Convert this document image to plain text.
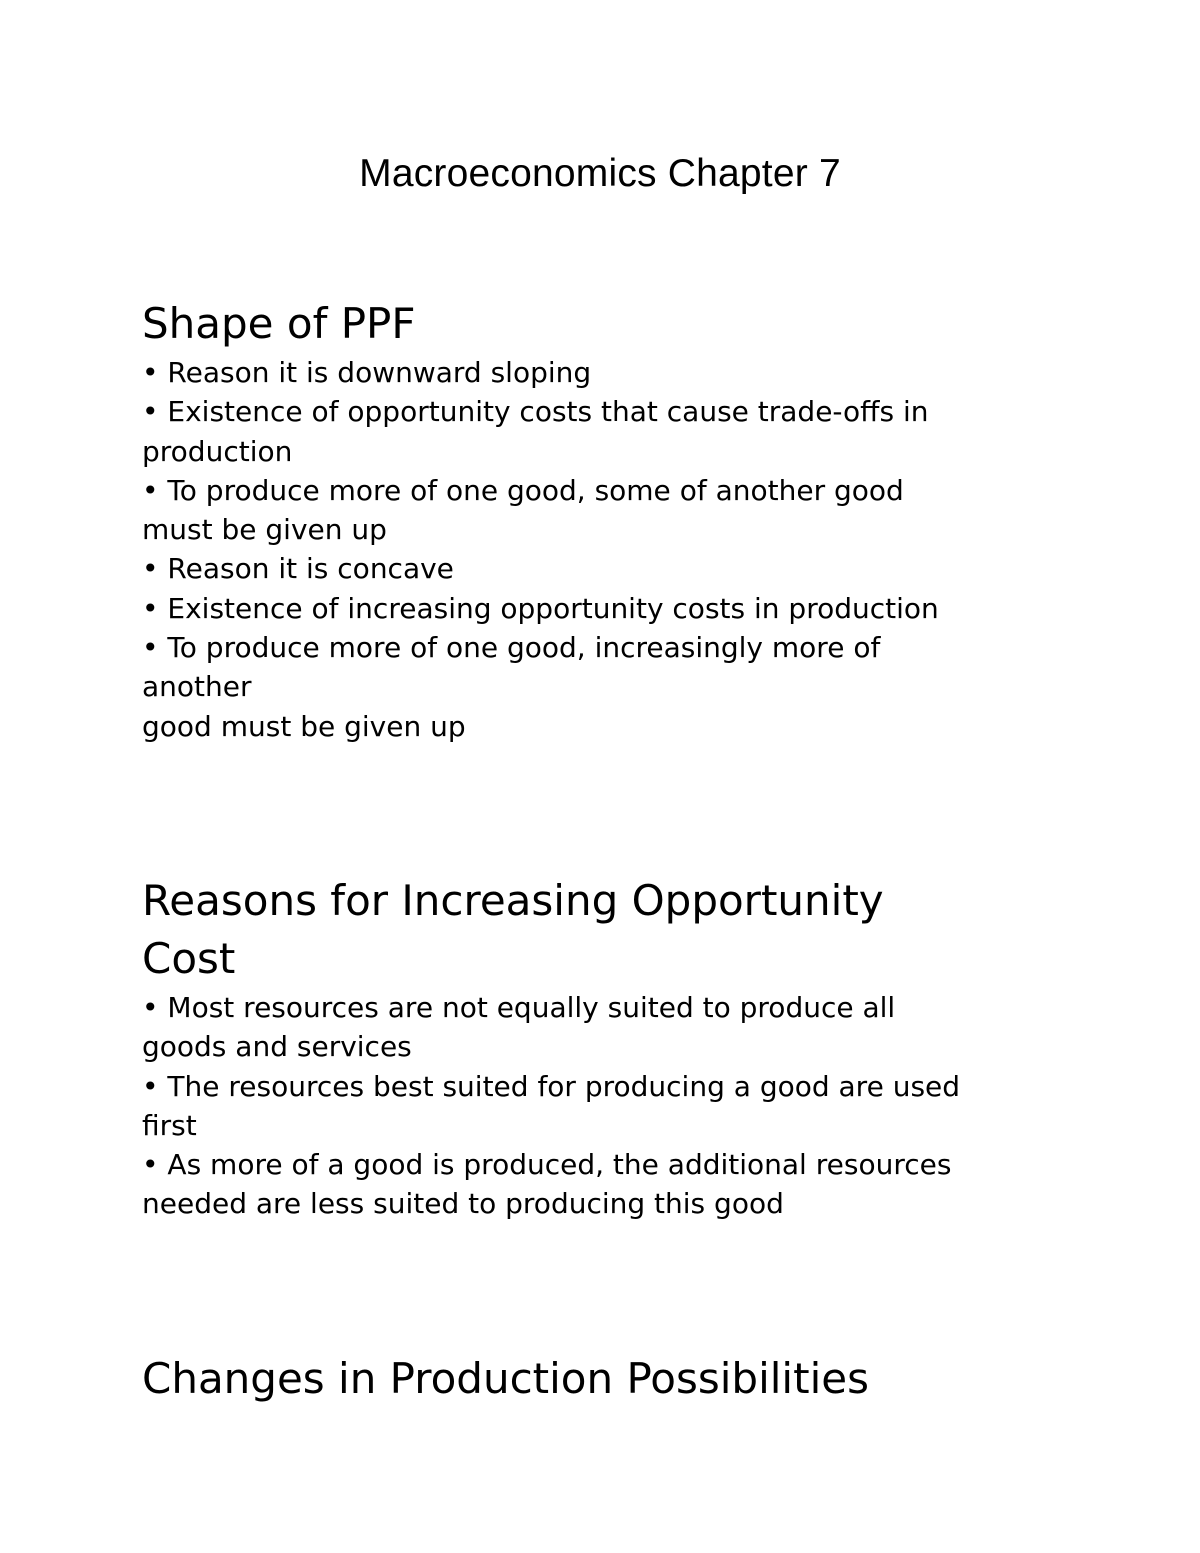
Macroeconomics Chapter 7
Shape of PPF
• Reason it is downward sloping
• Existence of opportunity costs that cause trade-offs in
production
• To produce more of one good, some of another good
must be given up
• Reason it is concave
• Existence of increasing opportunity costs in production
• To produce more of one good, increasingly more of
another
good must be given up
Reasons for Increasing Opportunity
Cost
• Most resources are not equally suited to produce all
goods and services
• The resources best suited for producing a good are used
first
• As more of a good is produced, the additional resources
needed are less suited to producing this good
Changes in Production Possibilities
